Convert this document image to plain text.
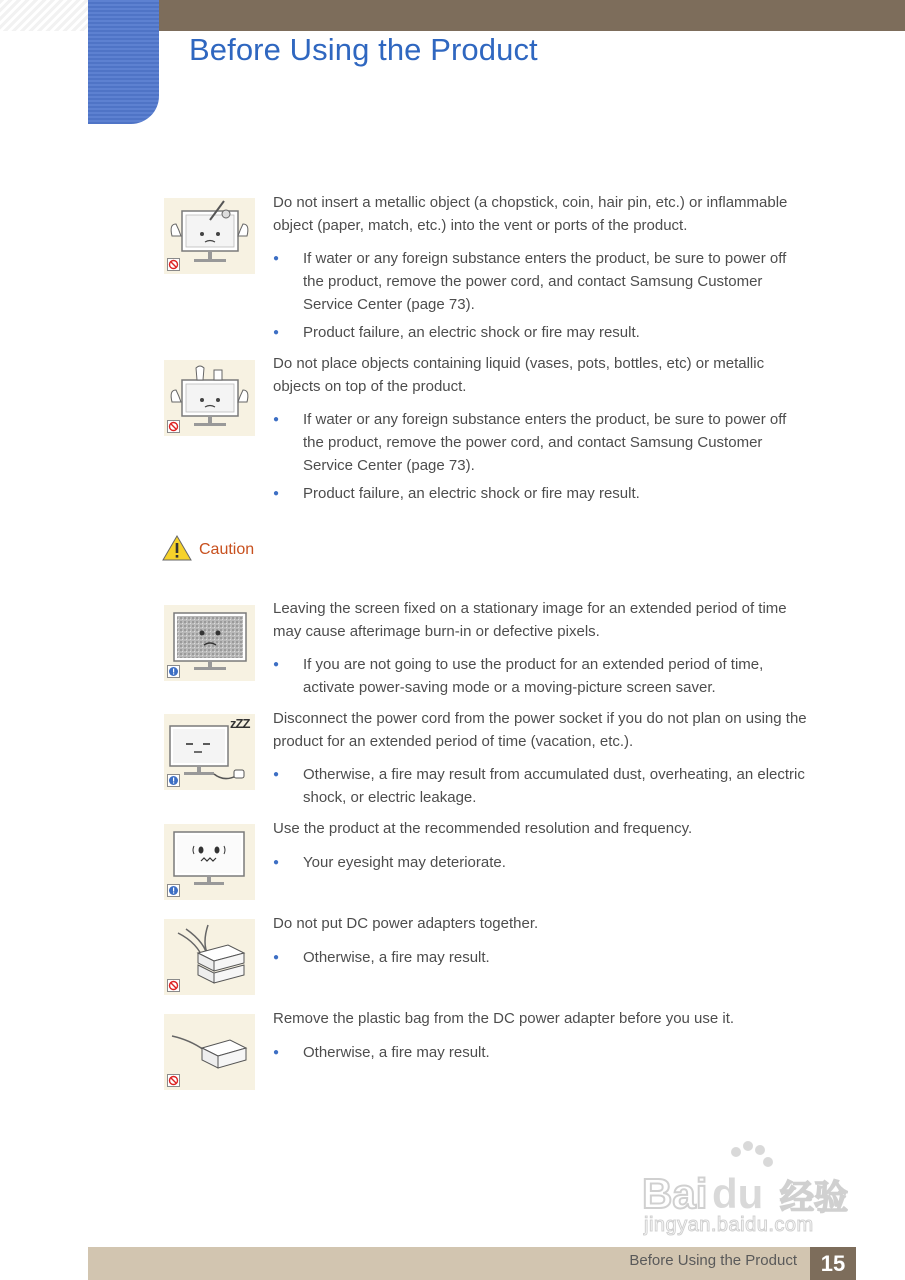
Before Using the Product

Do not insert a metallic object (a chopstick, coin, hair pin, etc.) or inflammable object (paper, match, etc.) into the vent or ports of the product.

● If water or any foreign substance enters the product, be sure to power off the product, remove the power cord, and contact Samsung Customer Service Center (page 73).

● Product failure, an electric shock or fire may result.

Do not place objects containing liquid (vases, pots, bottles, etc) or metallic objects on top of the product.

● If water or any foreign substance enters the product, be sure to power off the product, remove the power cord, and contact Samsung Customer Service Center (page 73).

● Product failure, an electric shock or fire may result.

Caution

Leaving the screen fixed on a stationary image for an extended period of time may cause afterimage burn-in or defective pixels.

● If you are not going to use the product for an extended period of time, activate power-saving mode or a moving-picture screen saver.

zZZ Disconnect the power cord from the power socket if you do not plan on using the product for an extended period of time (vacation, etc.).

● Otherwise, a fire may result from accumulated dust, overheating, an electric shock, or electric leakage.

Use the product at the recommended resolution and frequency.

● Your eyesight may deteriorate.

Do not put DC power adapters together.

● Otherwise, a fire may result.

Remove the plastic bag from the DC power adapter before you use it.

● Otherwise, a fire may result.

Bai du 经验
jingyan.baidu.com
Before Using the Product	15
